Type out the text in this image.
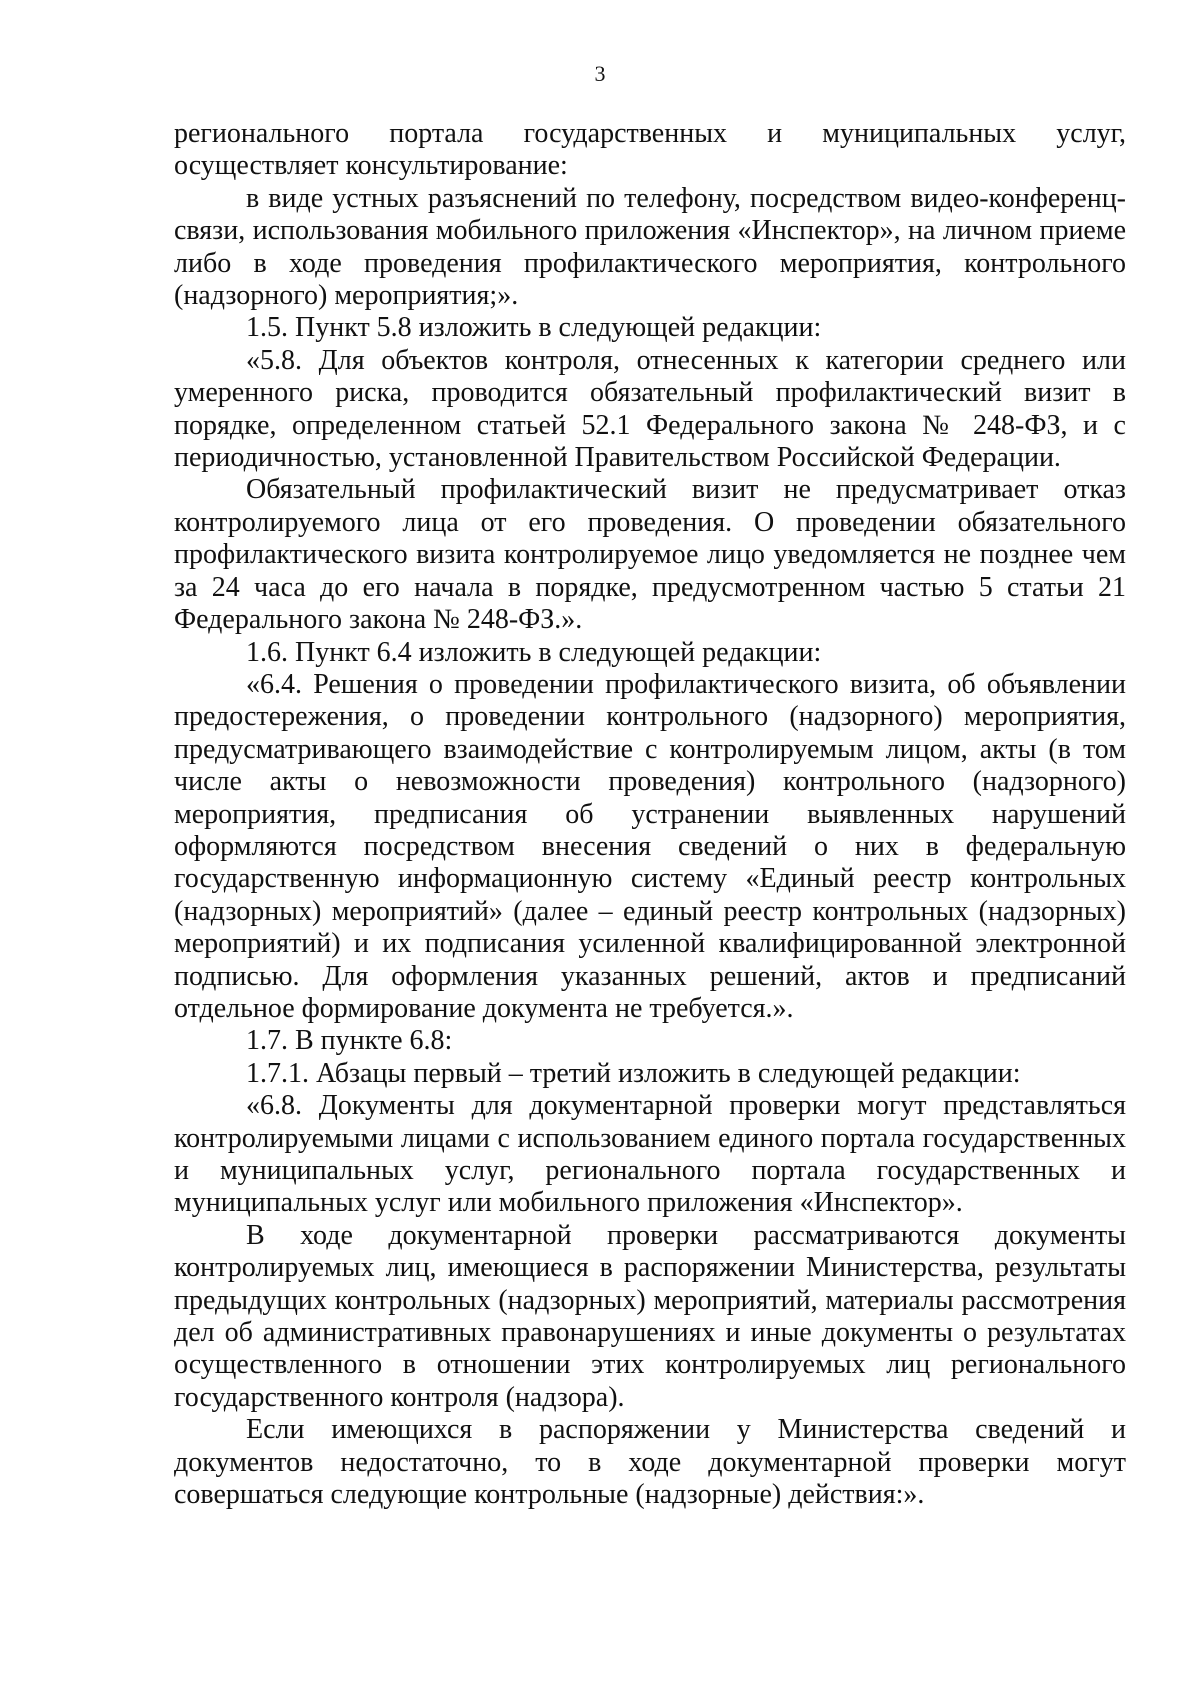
3

регионального портала государственных и муниципальных услуг, осуществляет консультирование:

в виде устных разъяснений по телефону, посредством видео-конференц-связи, использования мобильного приложения «Инспектор», на личном приеме либо в ходе проведения профилактического мероприятия, контрольного (надзорного) мероприятия;».

1.5. Пункт 5.8 изложить в следующей редакции:

«5.8. Для объектов контроля, отнесенных к категории среднего или умеренного риска, проводится обязательный профилактический визит в порядке, определенном статьей 52.1 Федерального закона № 248-ФЗ, и с периодичностью, установленной Правительством Российской Федерации.

Обязательный профилактический визит не предусматривает отказ контролируемого лица от его проведения. О проведении обязательного профилактического визита контролируемое лицо уведомляется не позднее чем за 24 часа до его начала в порядке, предусмотренном частью 5 статьи 21 Федерального закона № 248-ФЗ.».

1.6. Пункт 6.4 изложить в следующей редакции:

«6.4. Решения о проведении профилактического визита, об объявлении предостережения, о проведении контрольного (надзорного) мероприятия, предусматривающего взаимодействие с контролируемым лицом, акты (в том числе акты о невозможности проведения) контрольного (надзорного) мероприятия, предписания об устранении выявленных нарушений оформляются посредством внесения сведений о них в федеральную государственную информационную систему «Единый реестр контрольных (надзорных) мероприятий» (далее – единый реестр контрольных (надзорных) мероприятий) и их подписания усиленной квалифицированной электронной подписью. Для оформления указанных решений, актов и предписаний отдельное формирование документа не требуется.».

1.7. В пункте 6.8:

1.7.1. Абзацы первый – третий изложить в следующей редакции:

«6.8. Документы для документарной проверки могут представляться контролируемыми лицами с использованием единого портала государственных и муниципальных услуг, регионального портала государственных и муниципальных услуг или мобильного приложения «Инспектор».

В ходе документарной проверки рассматриваются документы контролируемых лиц, имеющиеся в распоряжении Министерства, результаты предыдущих контрольных (надзорных) мероприятий, материалы рассмотрения дел об административных правонарушениях и иные документы о результатах осуществленного в отношении этих контролируемых лиц регионального государственного контроля (надзора).

Если имеющихся в распоряжении у Министерства сведений и документов недостаточно, то в ходе документарной проверки могут совершаться следующие контрольные (надзорные) действия:».
